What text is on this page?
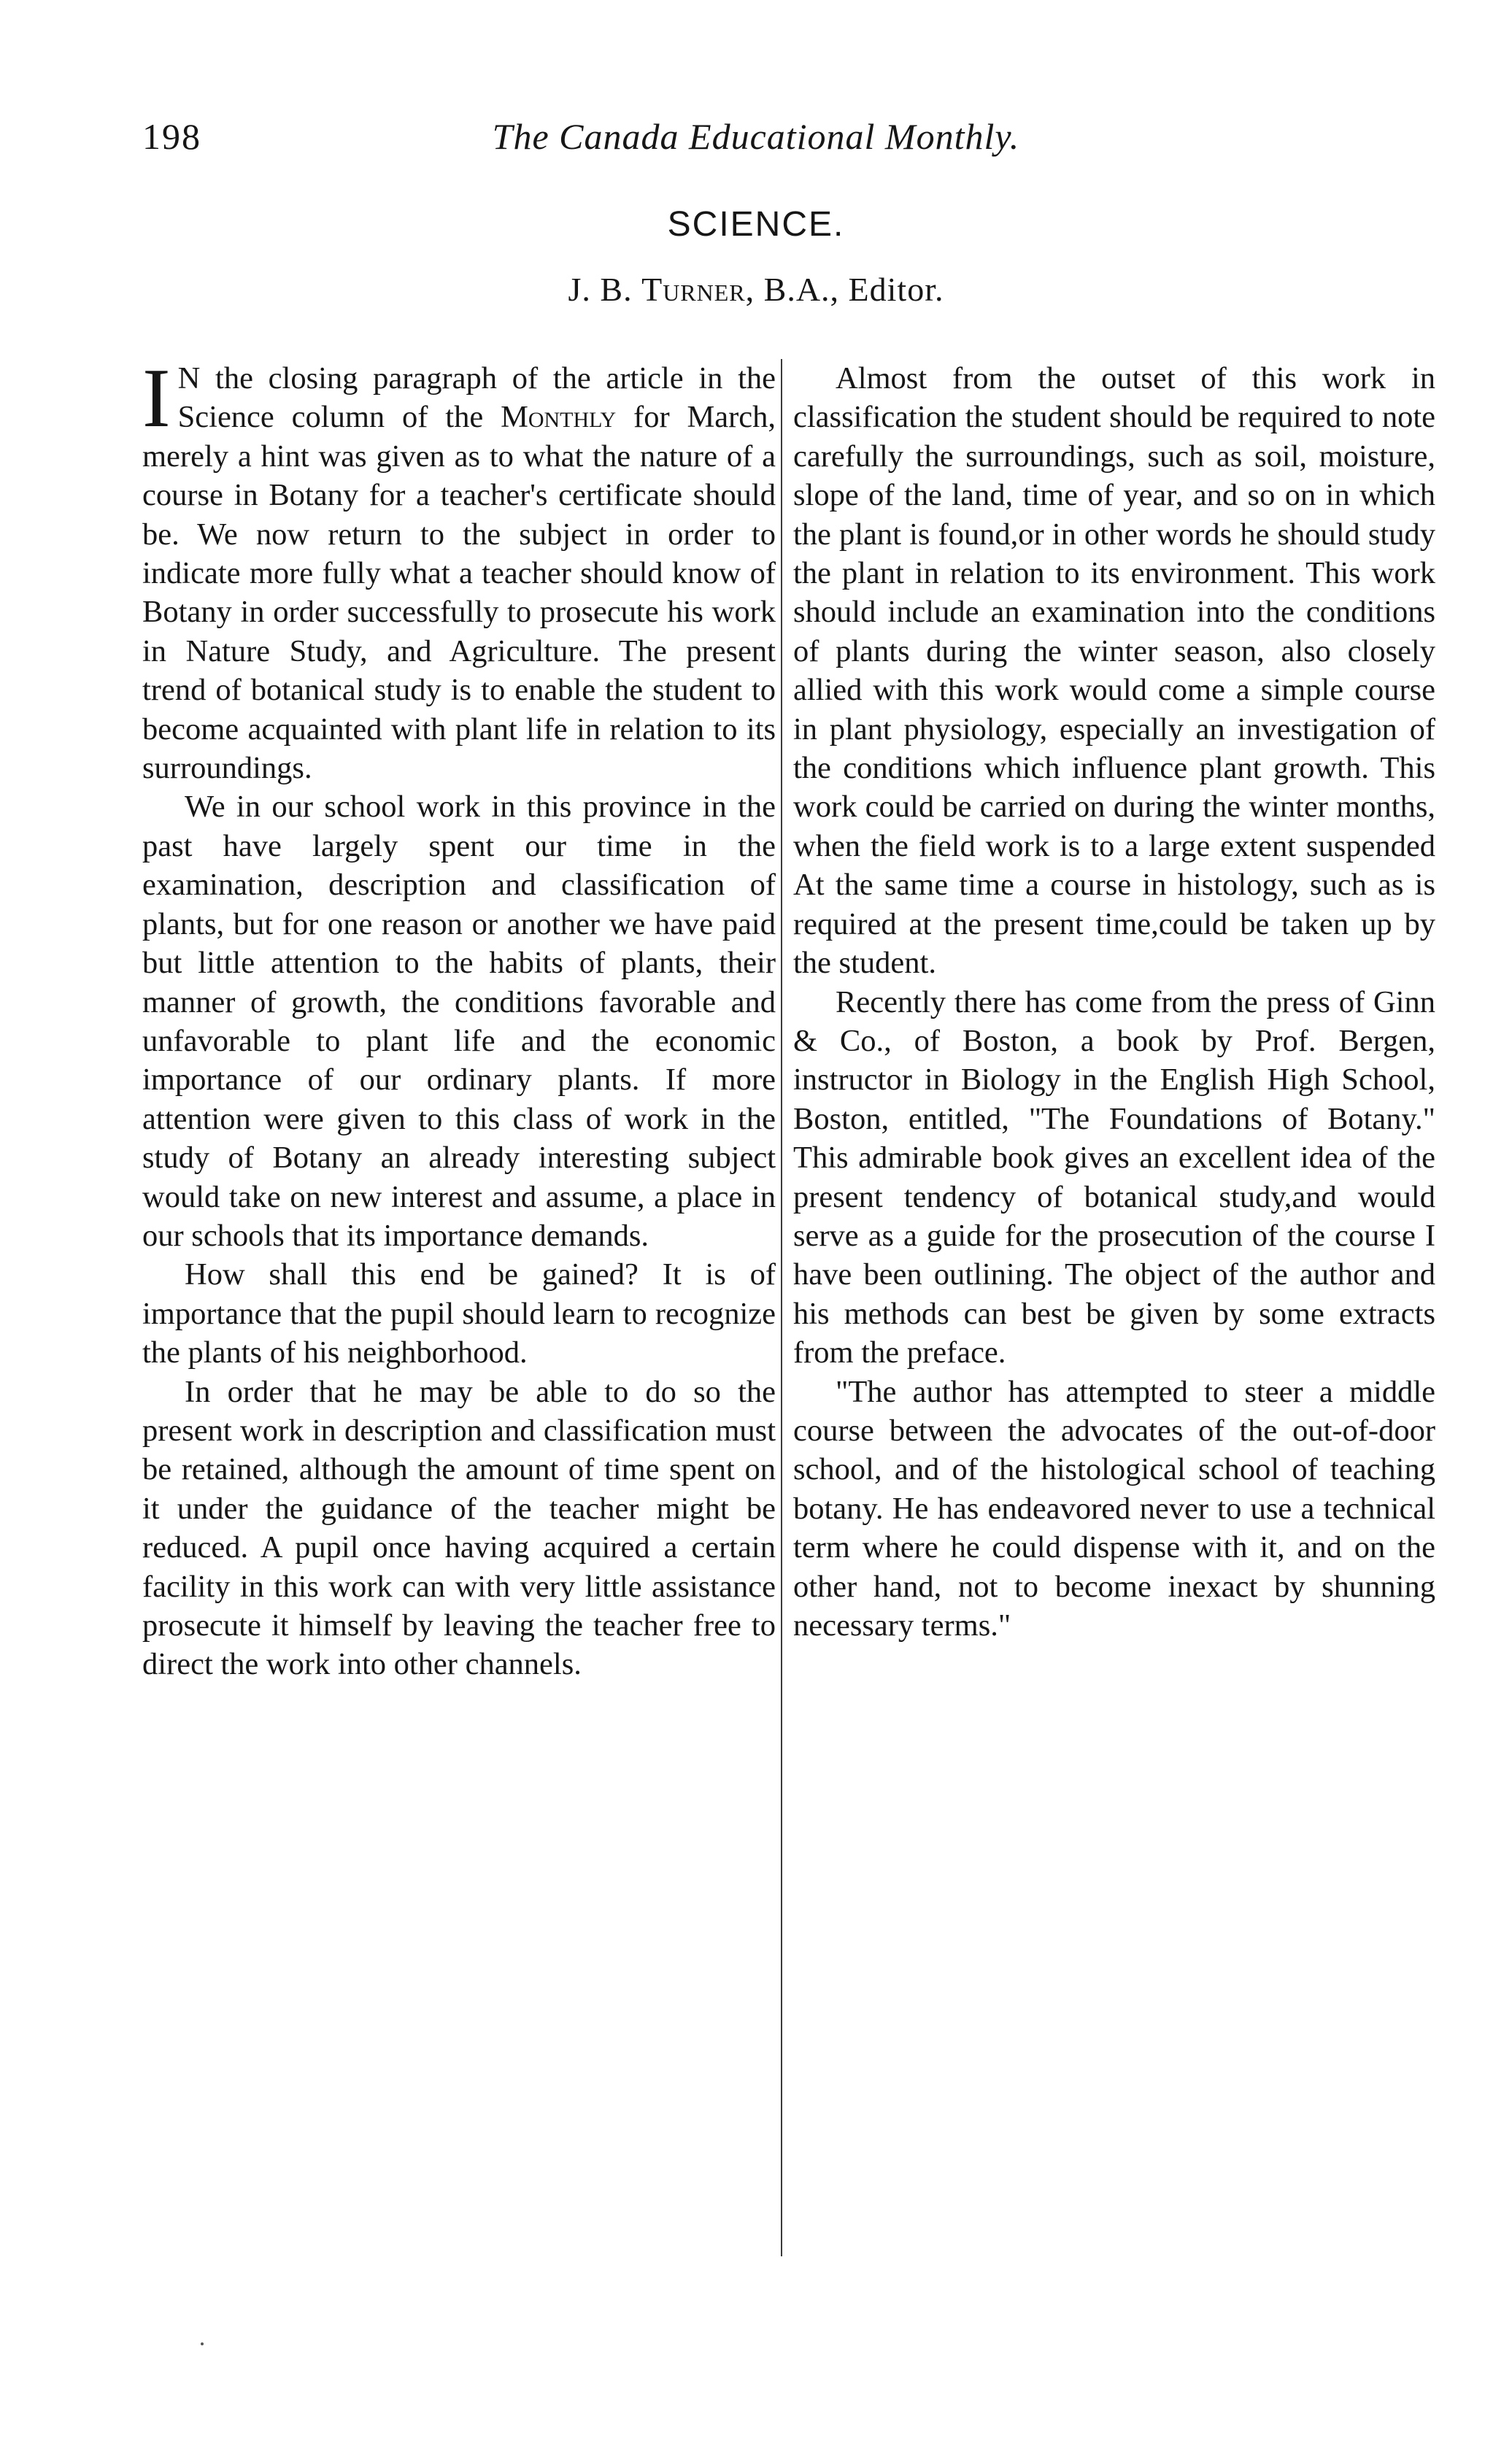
198	The Canada Educational Monthly.
SCIENCE.
J. B. Turner, B.A., Editor.

I N the closing paragraph of the article in the Science column of the Monthly for March, merely a hint was given as to what the nature of a course in Botany for a teacher's certificate should be. We now return to the subject in order to indicate more fully what a teacher should know of Botany in order successfully to prosecute his work in Nature Study, and Agriculture. The present trend of botanical study is to enable the student to become acquainted with plant life in relation to its surroundings.

We in our school work in this province in the past have largely spent our time in the examination, description and classification of plants, but for one reason or another we have paid but little attention to the habits of plants, their manner of growth, the conditions favorable and unfavorable to plant life and the economic importance of our ordinary plants. If more attention were given to this class of work in the study of Botany an already interesting subject would take on new interest and assume, a place in our schools that its importance demands.

How shall this end be gained? It is of importance that the pupil should learn to recognize the plants of his neighborhood.

In order that he may be able to do so the present work in description and classification must be retained, although the amount of time spent on it under the guidance of the teacher might be reduced. A pupil once having acquired a certain facility in this work can with very little assistance prosecute it himself by leaving the teacher free to direct the work into other channels.

Almost from the outset of this work in classification the student should be required to note carefully the surroundings, such as soil, moisture, slope of the land, time of year, and so on in which the plant is found,or in other words he should study the plant in relation to its environment. This work should include an examination into the conditions of plants during the winter season, also closely allied with this work would come a simple course in plant physiology, especially an investigation of the conditions which influence plant growth. This work could be carried on during the winter months, when the field work is to a large extent suspended At the same time a course in histology, such as is required at the present time,could be taken up by the student.

Recently there has come from the press of Ginn & Co., of Boston, a book by Prof. Bergen, instructor in Biology in the English High School, Boston, entitled, "The Foundations of Botany." This admirable book gives an excellent idea of the present tendency of botanical study,and would serve as a guide for the prosecution of the course I have been outlining. The object of the author and his methods can best be given by some extracts from the preface.

"The author has attempted to steer a middle course between the advocates of the out-of-door school, and of the histological school of teaching botany. He has endeavored never to use a technical term where he could dispense with it, and on the other hand, not to become inexact by shunning necessary terms."
